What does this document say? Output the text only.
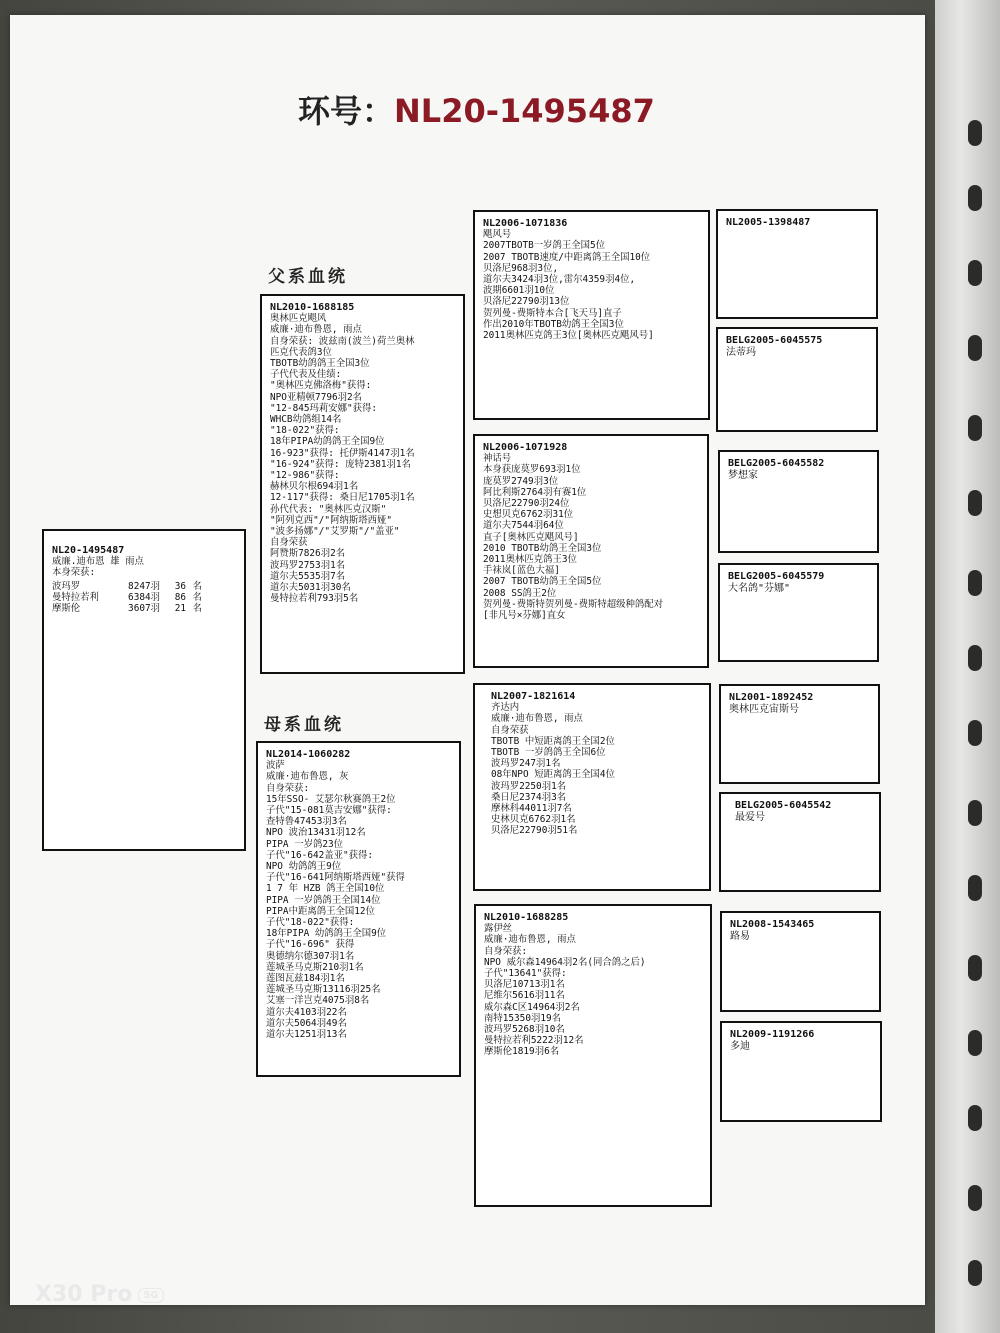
环号：NL20-1495487
父系血统
母系血统
NL20-1495487
威廉.迪布恩 雄 雨点
本身荣获:
波玛罗	8247羽	36 名
曼特拉若利	6384羽	86 名
摩斯伦	3607羽	21 名
NL2010-1688185
奥林匹克飓风
威廉·迪布鲁恩, 雨点
自身荣获: 波兹南(波兰)荷兰奥林
匹克代表鸽3位
TBOTB幼鸽鸽王全国3位
子代代表及佳绩:
"奥林匹克佛洛梅"获得:
NPO亚精顿7796羽2名
"12-845玛莉安娜"获得:
WHCB幼鸽组14名
"18-022"获得:
18年PIPA幼鸽鸽王全国9位
16-923"获得: 托伊斯4147羽1名
"16-924"获得: 庞特2381羽1名
"12-986"获得:
赫林贝尔根694羽1名
12-117"获得: 桑日尼1705羽1名
孙代代表: "奥林匹克汉斯"
"阿列克西"/"阿纳斯塔西娅"
"波多扬娜"/"艾罗斯"/"盖亚"
自身荣获
阿赞斯7826羽2名
波玛罗2753羽1名
道尔夫5535羽7名
道尔夫5031羽30名
曼特拉若利793羽5名
NL2014-1060282
波萨
威廉·迪布鲁恩, 灰
自身荣获:
15年SSO- 艾瑟尔秋赛鸽王2位
子代"15-081莫吉安娜"获得:
查特鲁47453羽3名
NPO 波治13431羽12名
PIPA 一岁鸽23位
子代"16-642盖亚"获得:
NPO 幼鸽鸽王9位
子代"16-641阿纳斯塔西娅"获得
1 7 年 HZB 鸽王全国10位
PIPA 一岁鸽鸽王全国14位
PIPA中距离鸽王全国12位
子代"18-022"获得:
18年PIPA 幼鸽鸽王全国9位
子代"16-696" 获得
奥德纳尔德307羽1名
莲城圣马克斯210羽1名
莲图瓦兹184羽1名
莲城圣马克斯13116羽25名
艾塞一洋岂克4075羽8名
道尔夫4103羽22名
道尔夫5064羽49名
道尔夫1251羽13名
NL2006-1071836
飓风号
2007TBOTB一岁鸽王全国5位
2007 TBOTB速度/中距离鸽王全国10位
贝洛尼968羽3位,
道尔夫3424羽3位,雷尔4359羽4位,
波期6601羽10位
贝洛尼22790羽13位
贺列曼-费斯特本合[飞天马]直子
作出2010年TBOTB幼鸽王全国3位
2011奥林匹克鸽王3位[奥林匹克飓风号]
NL2006-1071928
神话号
本身获庞莫罗693羽1位
庞莫罗2749羽3位
阿比利斯2764羽有赛1位
贝洛尼22790羽24位
史想贝克6762羽31位
道尔夫7544羽64位
直子[奥林匹克飓风号]
2010 TBOTB幼鸽王全国3位
2011奥林匹克鸽王3位
手袜岚[蓝色大福]
2007 TBOTB幼鸽王全国5位
2008 SS鸽王2位
贺列曼-费斯特贺列曼-费斯特超级种鸽配对
[非凡号×芬娜]直女
NL2007-1821614
齐达内
威廉·迪布鲁恩, 雨点
自身荣获
TBOTB 中短距离鸽王全国2位
TBOTB 一岁鸽鸽王全国6位
波玛罗247羽1名
08年NPO 短距离鸽王全国4位
波玛罗2250羽1名
桑日尼2374羽3名
摩林科44011羽7名
史林贝克6762羽1名
贝洛尼22790羽51名
NL2010-1688285
露伊丝
威廉·迪布鲁恩, 雨点
自身荣获:
NPO 威尔森14964羽2名(同合鸽之后)
子代"13641"获得:
贝洛尼10713羽1名
尼维尔5616羽11名
威尔森C区14964羽2名
南特15350羽19名
波玛罗5268羽10名
曼特拉若利5222羽12名
摩斯伦1819羽6名
NL2005-1398487
BELG2005-6045575
法蒂玛
BELG2005-6045582
梦想家
BELG2005-6045579
大名鸽"芬娜"
NL2001-1892452
奥林匹克宙斯号
BELG2005-6045542
最爱号
NL2008-1543465
路易
NL2009-1191266
多迪
X30 Pro 5G
